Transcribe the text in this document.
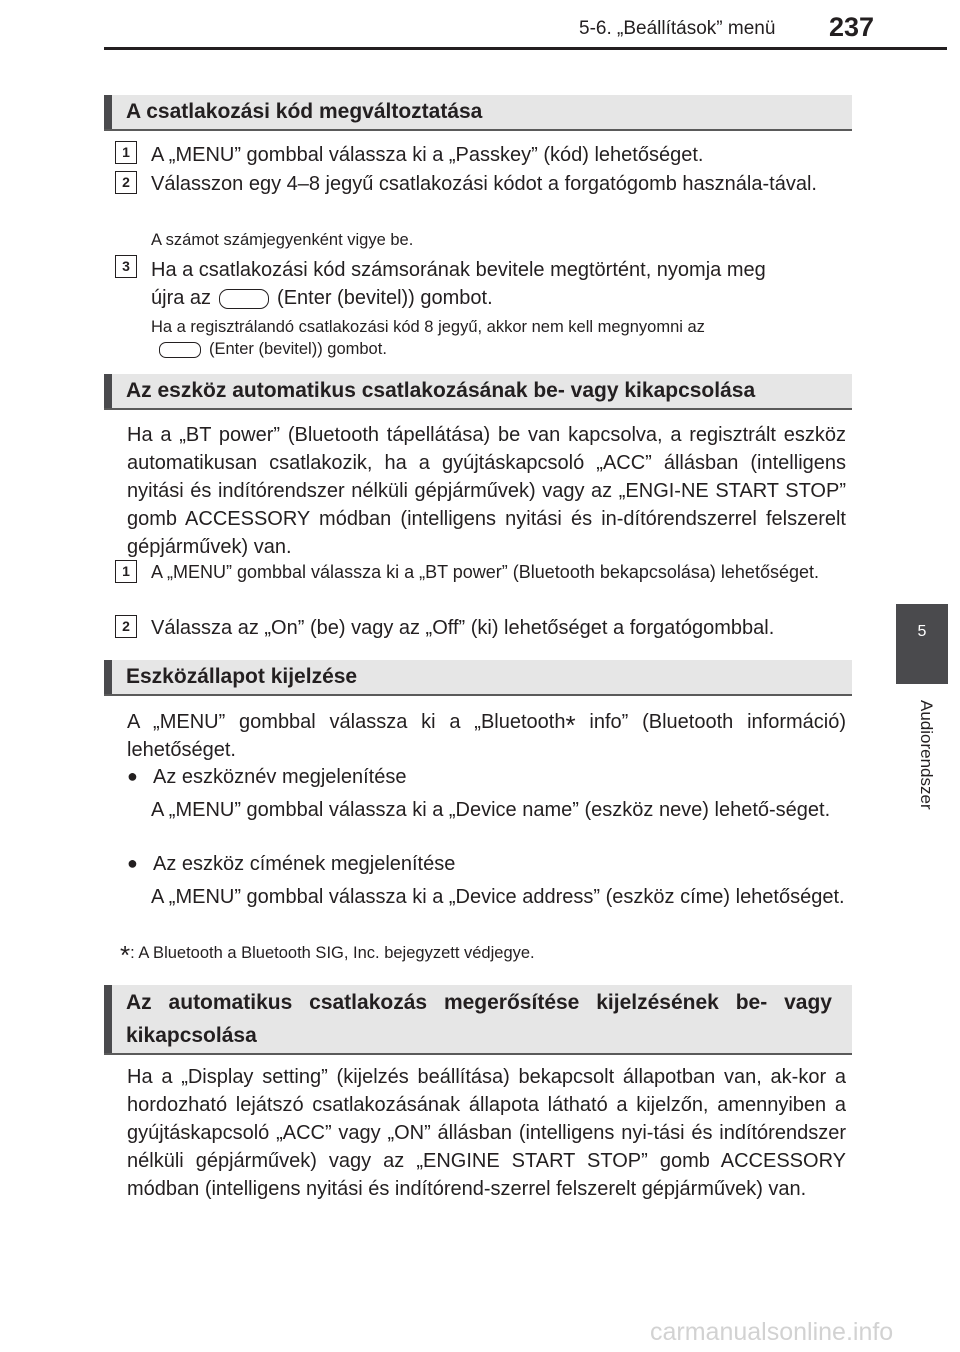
5-6. „Beállítások” menü 237
5
Audiorendszer
A csatlakozási kód megváltoztatása
1	A „MENU” gombbal válassza ki a „Passkey” (kód) lehetőséget.
2	Válasszon egy 4–8 jegyű csatlakozási kódot a forgatógomb használa-tával.
A számot számjegyenként vigye be.
3	Ha a csatlakozási kód számsorának bevitele megtörtént, nyomja meg
újra az	(Enter (bevitel)) gombot.
Ha a regisztrálandó csatlakozási kód 8 jegyű, akkor nem kell megnyomni az
(Enter (bevitel)) gombot.
Az eszköz automatikus csatlakozásának be- vagy kikapcsolása
Ha a „BT power” (Bluetooth tápellátása) be van kapcsolva, a regisztrált eszköz automatikusan csatlakozik, ha a gyújtáskapcsoló „ACC” állásban (intelligens nyitási és indítórendszer nélküli gépjárművek) vagy az „ENGI-NE START STOP” gomb ACCESSORY módban (intelligens nyitási és in-dítórendszerrel felszerelt gépjárművek) van.
1	A „MENU” gombbal válassza ki a „BT power” (Bluetooth bekapcsolása) lehetőséget.
2	Válassza az „On” (be) vagy az „Off” (ki) lehetőséget a forgatógombbal.
Eszközállapot kijelzése
A „MENU” gombbal válassza ki a „Bluetooth* info” (Bluetooth információ) lehetőséget.
● Az eszköznév megjelenítése
A „MENU” gombbal válassza ki a „Device name” (eszköz neve) lehető-séget.
● Az eszköz címének megjelenítése
A „MENU” gombbal válassza ki a „Device address” (eszköz címe) lehetőséget.
*: A Bluetooth a Bluetooth SIG, Inc. bejegyzett védjegye.
Az automatikus csatlakozás megerősítése kijelzésének be- vagy kikapcsolása
Ha a „Display setting” (kijelzés beállítása) bekapcsolt állapotban van, ak-kor a hordozható lejátszó csatlakozásának állapota látható a kijelzőn, amennyiben a gyújtáskapcsoló „ACC” vagy „ON” állásban (intelligens nyi-tási és indítórendszer nélküli gépjárművek) vagy az „ENGINE START STOP” gomb ACCESSORY módban (intelligens nyitási és indítórend-szerrel felszerelt gépjárművek) van.
carmanualsonline.info
